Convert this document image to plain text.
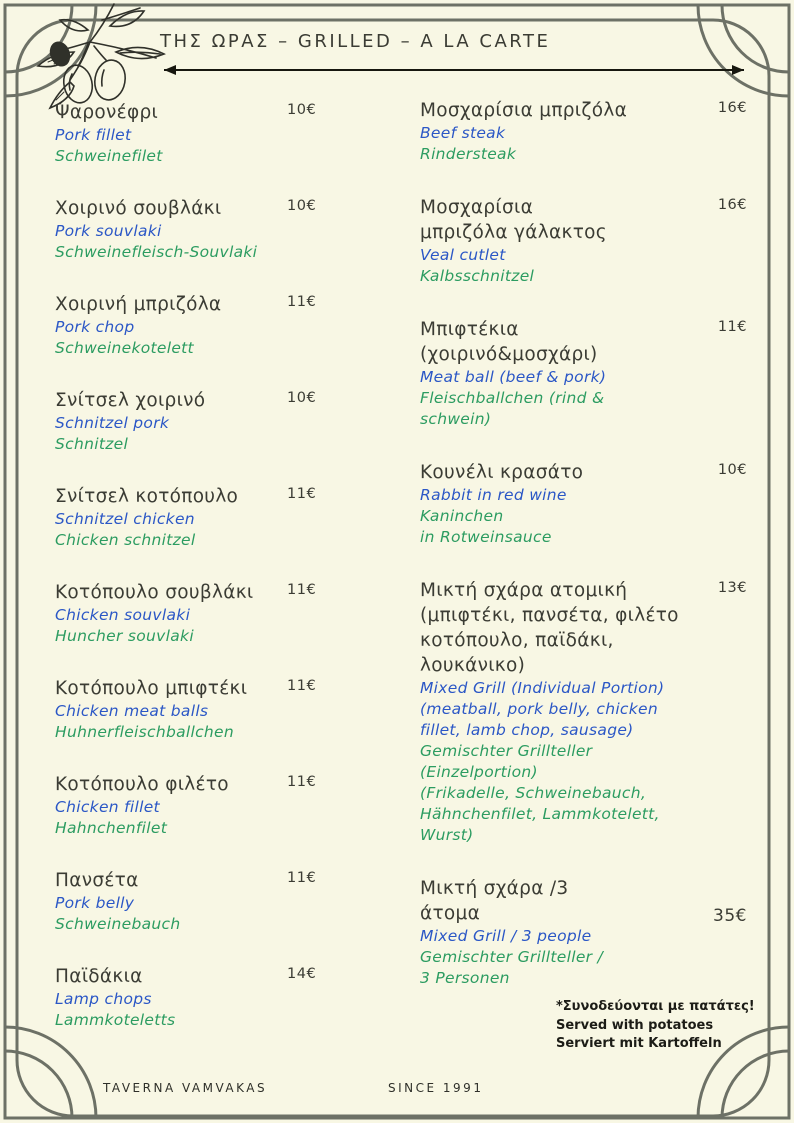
ΤΗΣ ΩΡΑΣ – GRILLED – A LA CARTE
Ψαρονέφρι
Pork fillet
Schweinefilet
10€
Χοιρινό σουβλάκι
Pork souvlaki
Schweinefleisch-Souvlaki
10€
Χοιρινή μπριζόλα
Pork chop
Schweinekotelett
11€
Σνίτσελ χοιρινό
Schnitzel pork
Schnitzel
10€
Σνίτσελ κοτόπουλο
Schnitzel chicken
Chicken schnitzel
11€
Κοτόπουλο σουβλάκι
Chicken souvlaki
Huncher souvlaki
11€
Κοτόπουλο μπιφτέκι
Chicken meat balls
Huhnerfleischballchen
11€
Κοτόπουλο φιλέτο
Chicken fillet
Hahnchenfilet
11€
Πανσέτα
Pork belly
Schweinebauch
11€
Παϊδάκια
Lamp chops
Lammkoteletts
14€
Μοσχαρίσια μπριζόλα
Beef steak
Rindersteak
16€
Μοσχαρίσια
μπριζόλα γάλακτος
Veal cutlet
Kalbsschnitzel
16€
Μπιφτέκια
(χοιρινό&μοσχάρι)
Meat ball (beef & pork)
Fleischballchen (rind &
schwein)
11€
Κουνέλι κρασάτο
Rabbit in red wine
Kaninchen
in Rotweinsauce
10€
Μικτή σχάρα ατομική
(μπιφτέκι, πανσέτα, φιλέτο
κοτόπουλο, παϊδάκι,
λουκάνικο)
Mixed Grill (Individual Portion)
(meatball, pork belly, chicken
fillet, lamb chop, sausage)
Gemischter Grillteller
(Einzelportion)
(Frikadelle, Schweinebauch,
Hähnchenfilet, Lammkotelett,
Wurst)
13€
Μικτή σχάρα /3
άτομα
Mixed Grill / 3 people
Gemischter Grillteller /
3 Personen
35€
*Συνοδεύονται με πατάτες!
Served with potatoes
Serviert mit Kartoffeln
TAVERNA VAMVAKAS	SINCE 1991
